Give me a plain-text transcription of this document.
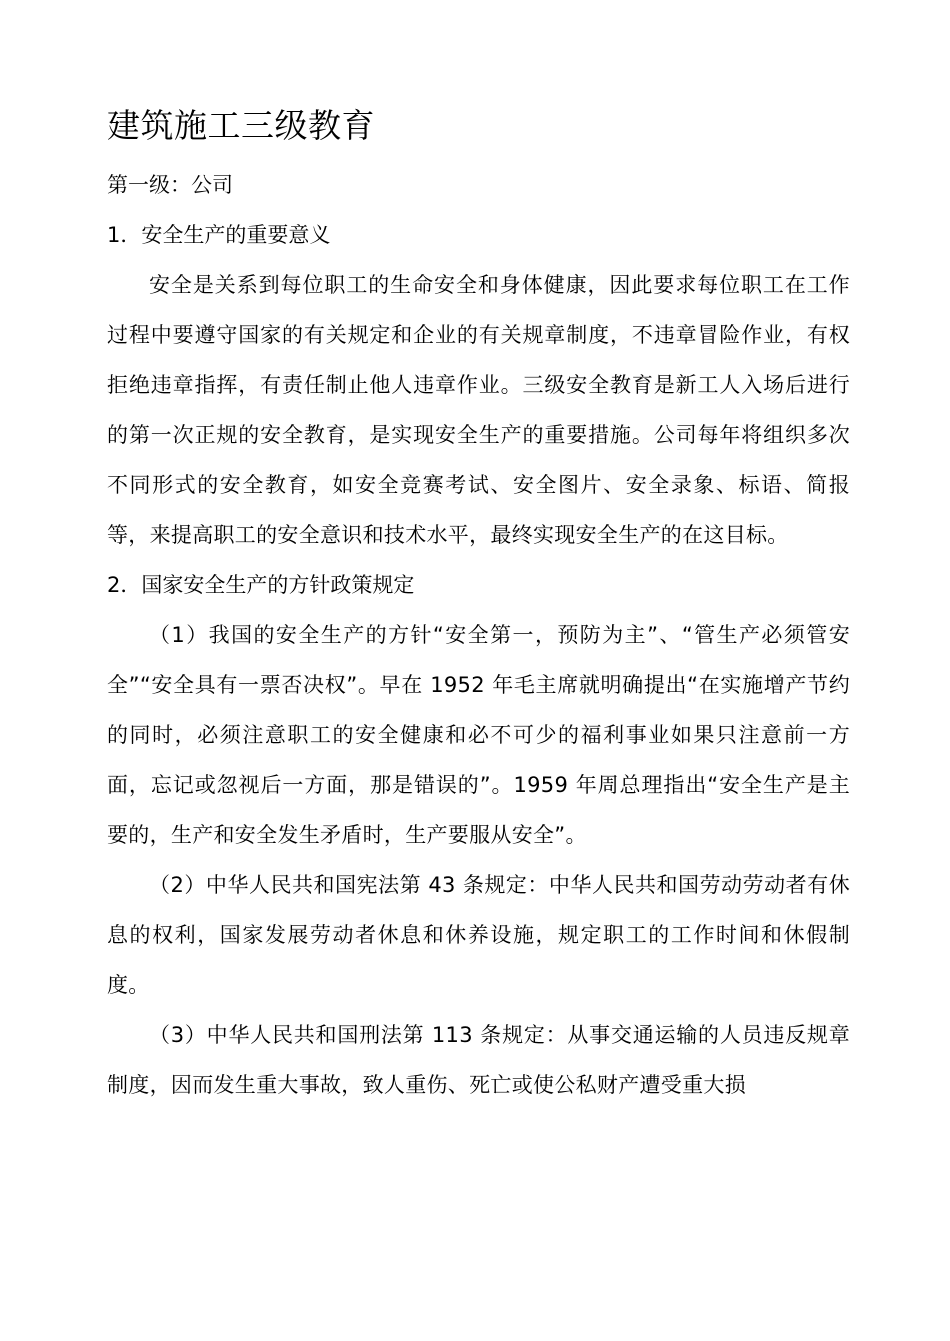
建筑施工三级教育

第一级：公司

1．安全生产的重要意义

安全是关系到每位职工的生命安全和身体健康，因此要求每位职工在工作过程中要遵守国家的有关规定和企业的有关规章制度，不违章冒险作业，有权拒绝违章指挥，有责任制止他人违章作业。三级安全教育是新工人入场后进行的第一次正规的安全教育，是实现安全生产的重要措施。公司每年将组织多次不同形式的安全教育，如安全竞赛考试、安全图片、安全录象、标语、简报等，来提高职工的安全意识和技术水平，最终实现安全生产的在这目标。

2．国家安全生产的方针政策规定

（1）我国的安全生产的方针“安全第一，预防为主”、“管生产必须管安全”“安全具有一票否决权”。早在 1952 年毛主席就明确提出“在实施增产节约的同时，必须注意职工的安全健康和必不可少的福利事业如果只注意前一方面，忘记或忽视后一方面，那是错误的”。1959 年周总理指出“安全生产是主要的，生产和安全发生矛盾时，生产要服从安全”。

（2）中华人民共和国宪法第 43 条规定：中华人民共和国劳动劳动者有休息的权利，国家发展劳动者休息和休养设施，规定职工的工作时间和休假制度。

（3）中华人民共和国刑法第 113 条规定：从事交通运输的人员违反规章制度，因而发生重大事故，致人重伤、死亡或使公私财产遭受重大损
